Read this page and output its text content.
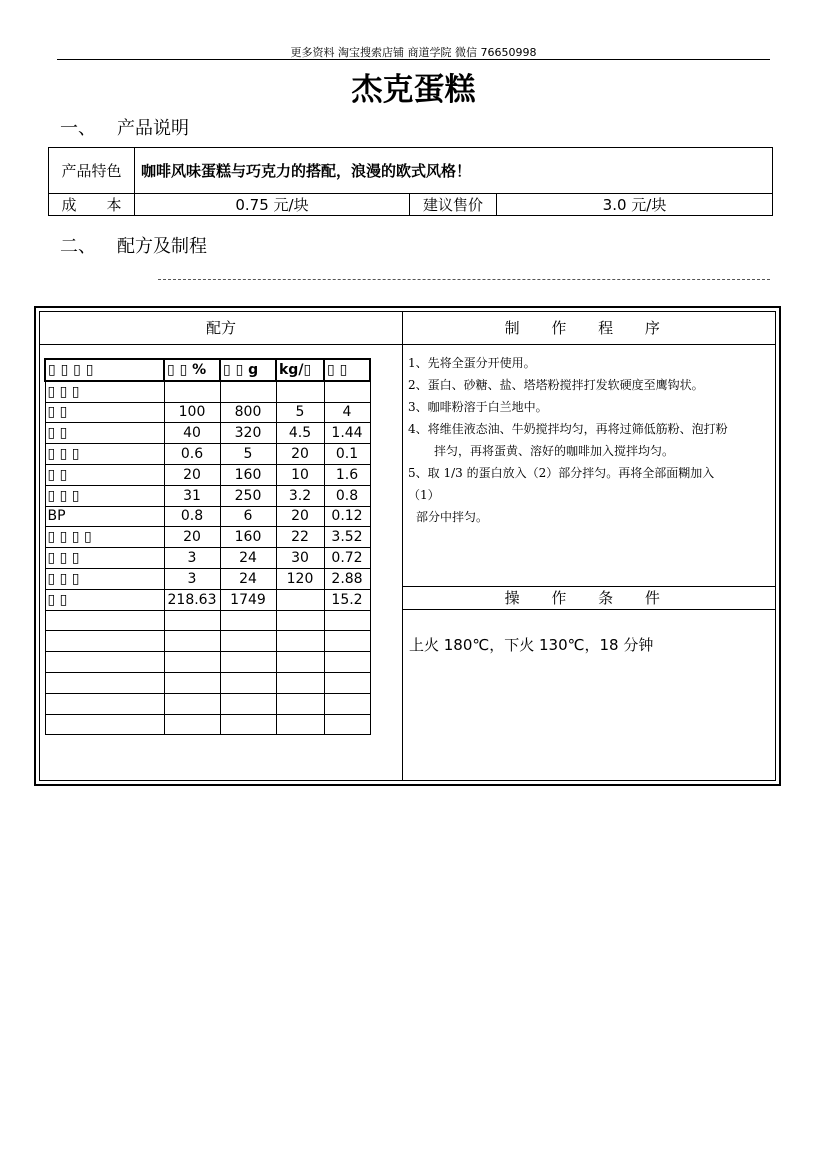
更多资料 淘宝搜索店铺 商道学院 微信 76650998
杰克蛋糕
一、 产品说明
产品特色	咖啡风味蛋糕与巧克力的搭配，浪漫的欧式风格！		
成　　本	0.75 元/块	建议售价	3.0 元/块
二、 配方及制程
配方	制 作 程 序
▯ ▯ ▯ ▯	▯ ▯ %	▯ ▯ g	kg/▯	▯ ▯
▯ ▯ ▯				
▯ ▯	100	800	5	4
▯ ▯	40	320	4.5	1.44
▯ ▯ ▯	0.6	5	20	0.1
▯ ▯	20	160	10	1.6
▯ ▯ ▯	31	250	3.2	0.8
BP	0.8	6	20	0.12
▯ ▯ ▯ ▯	20	160	22	3.52
▯ ▯ ▯	3	24	30	0.72
▯ ▯ ▯	3	24	120	2.88
▯ ▯	218.63	1749		15.2

1、先将全蛋分开使用。
2、蛋白、砂糖、盐、塔塔粉搅拌打发软硬度至鹰钩状。
3、咖啡粉溶于白兰地中。
4、将维佳液态油、牛奶搅拌均匀，再将过筛低筋粉、泡打粉
拌匀，再将蛋黄、溶好的咖啡加入搅拌均匀。
5、取 1/3 的蛋白放入（2）部分拌匀。再将全部面糊加入
（1）
部分中拌匀。
操 作 条 件
上火 180℃，下火 130℃，18 分钟
